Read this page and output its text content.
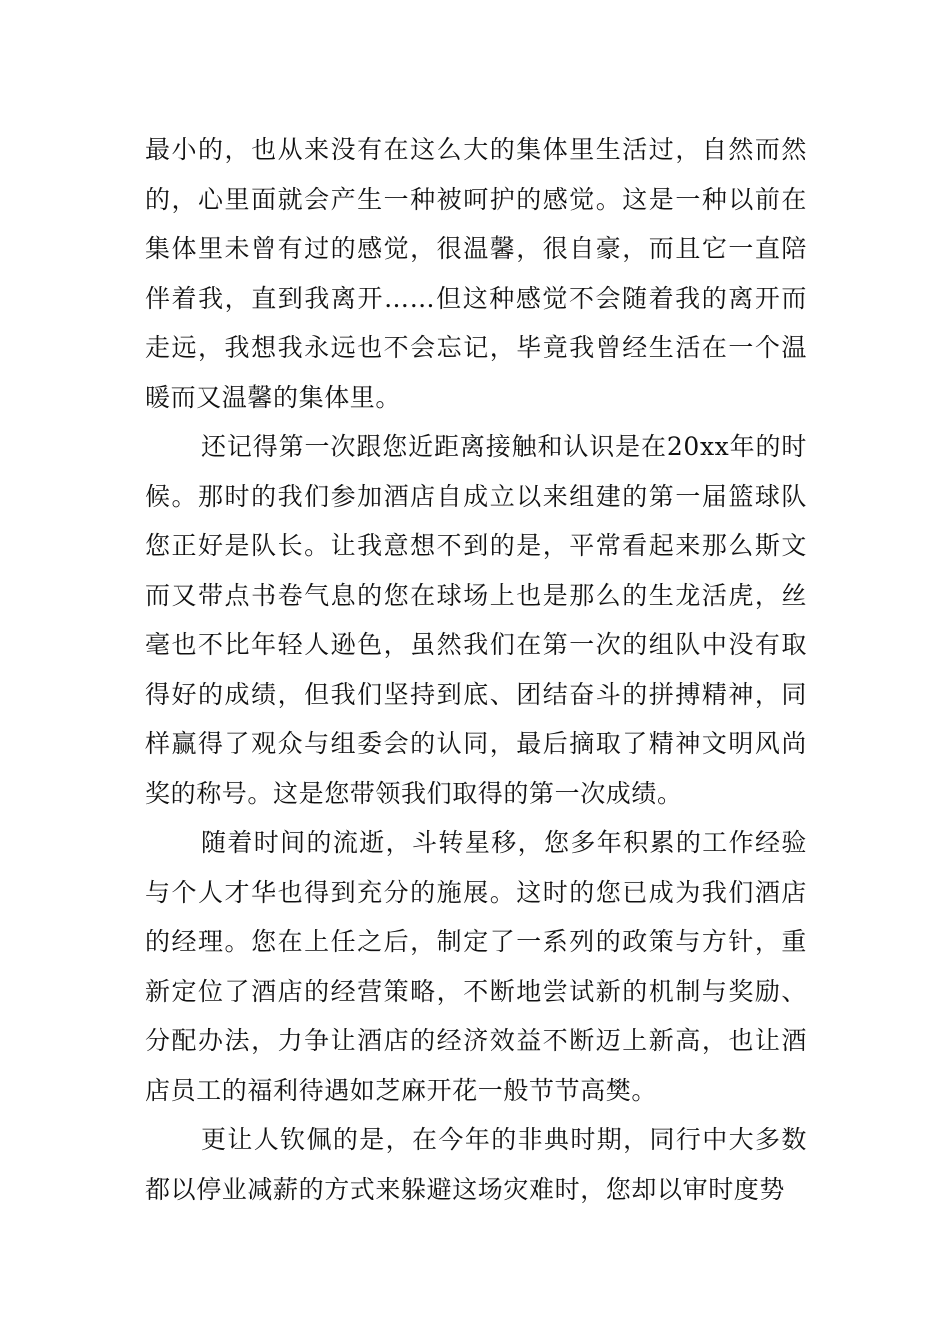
最小的，也从来没有在这么大的集体里生活过，自然而然的，心里面就会产生一种被呵护的感觉。这是一种以前在集体里未曾有过的感觉，很温馨，很自豪，而且它一直陪伴着我，直到我离开……但这种感觉不会随着我的离开而走远，我想我永远也不会忘记，毕竟我曾经生活在一个温暖而又温馨的集体里。

还记得第一次跟您近距离接触和认识是在20xx年的时候。那时的我们参加酒店自成立以来组建的第一届篮球队您正好是队长。让我意想不到的是，平常看起来那么斯文而又带点书卷气息的您在球场上也是那么的生龙活虎，丝毫也不比年轻人逊色，虽然我们在第一次的组队中没有取得好的成绩，但我们坚持到底、团结奋斗的拼搏精神，同样赢得了观众与组委会的认同，最后摘取了精神文明风尚奖的称号。这是您带领我们取得的第一次成绩。

随着时间的流逝，斗转星移，您多年积累的工作经验与个人才华也得到充分的施展。这时的您已成为我们酒店的经理。您在上任之后，制定了一系列的政策与方针，重新定位了酒店的经营策略，不断地尝试新的机制与奖励、分配办法，力争让酒店的经济效益不断迈上新高，也让酒店员工的福利待遇如芝麻开花一般节节高樊。

更让人钦佩的是，在今年的非典时期，同行中大多数都以停业减薪的方式来躲避这场灾难时，您却以审时度势
